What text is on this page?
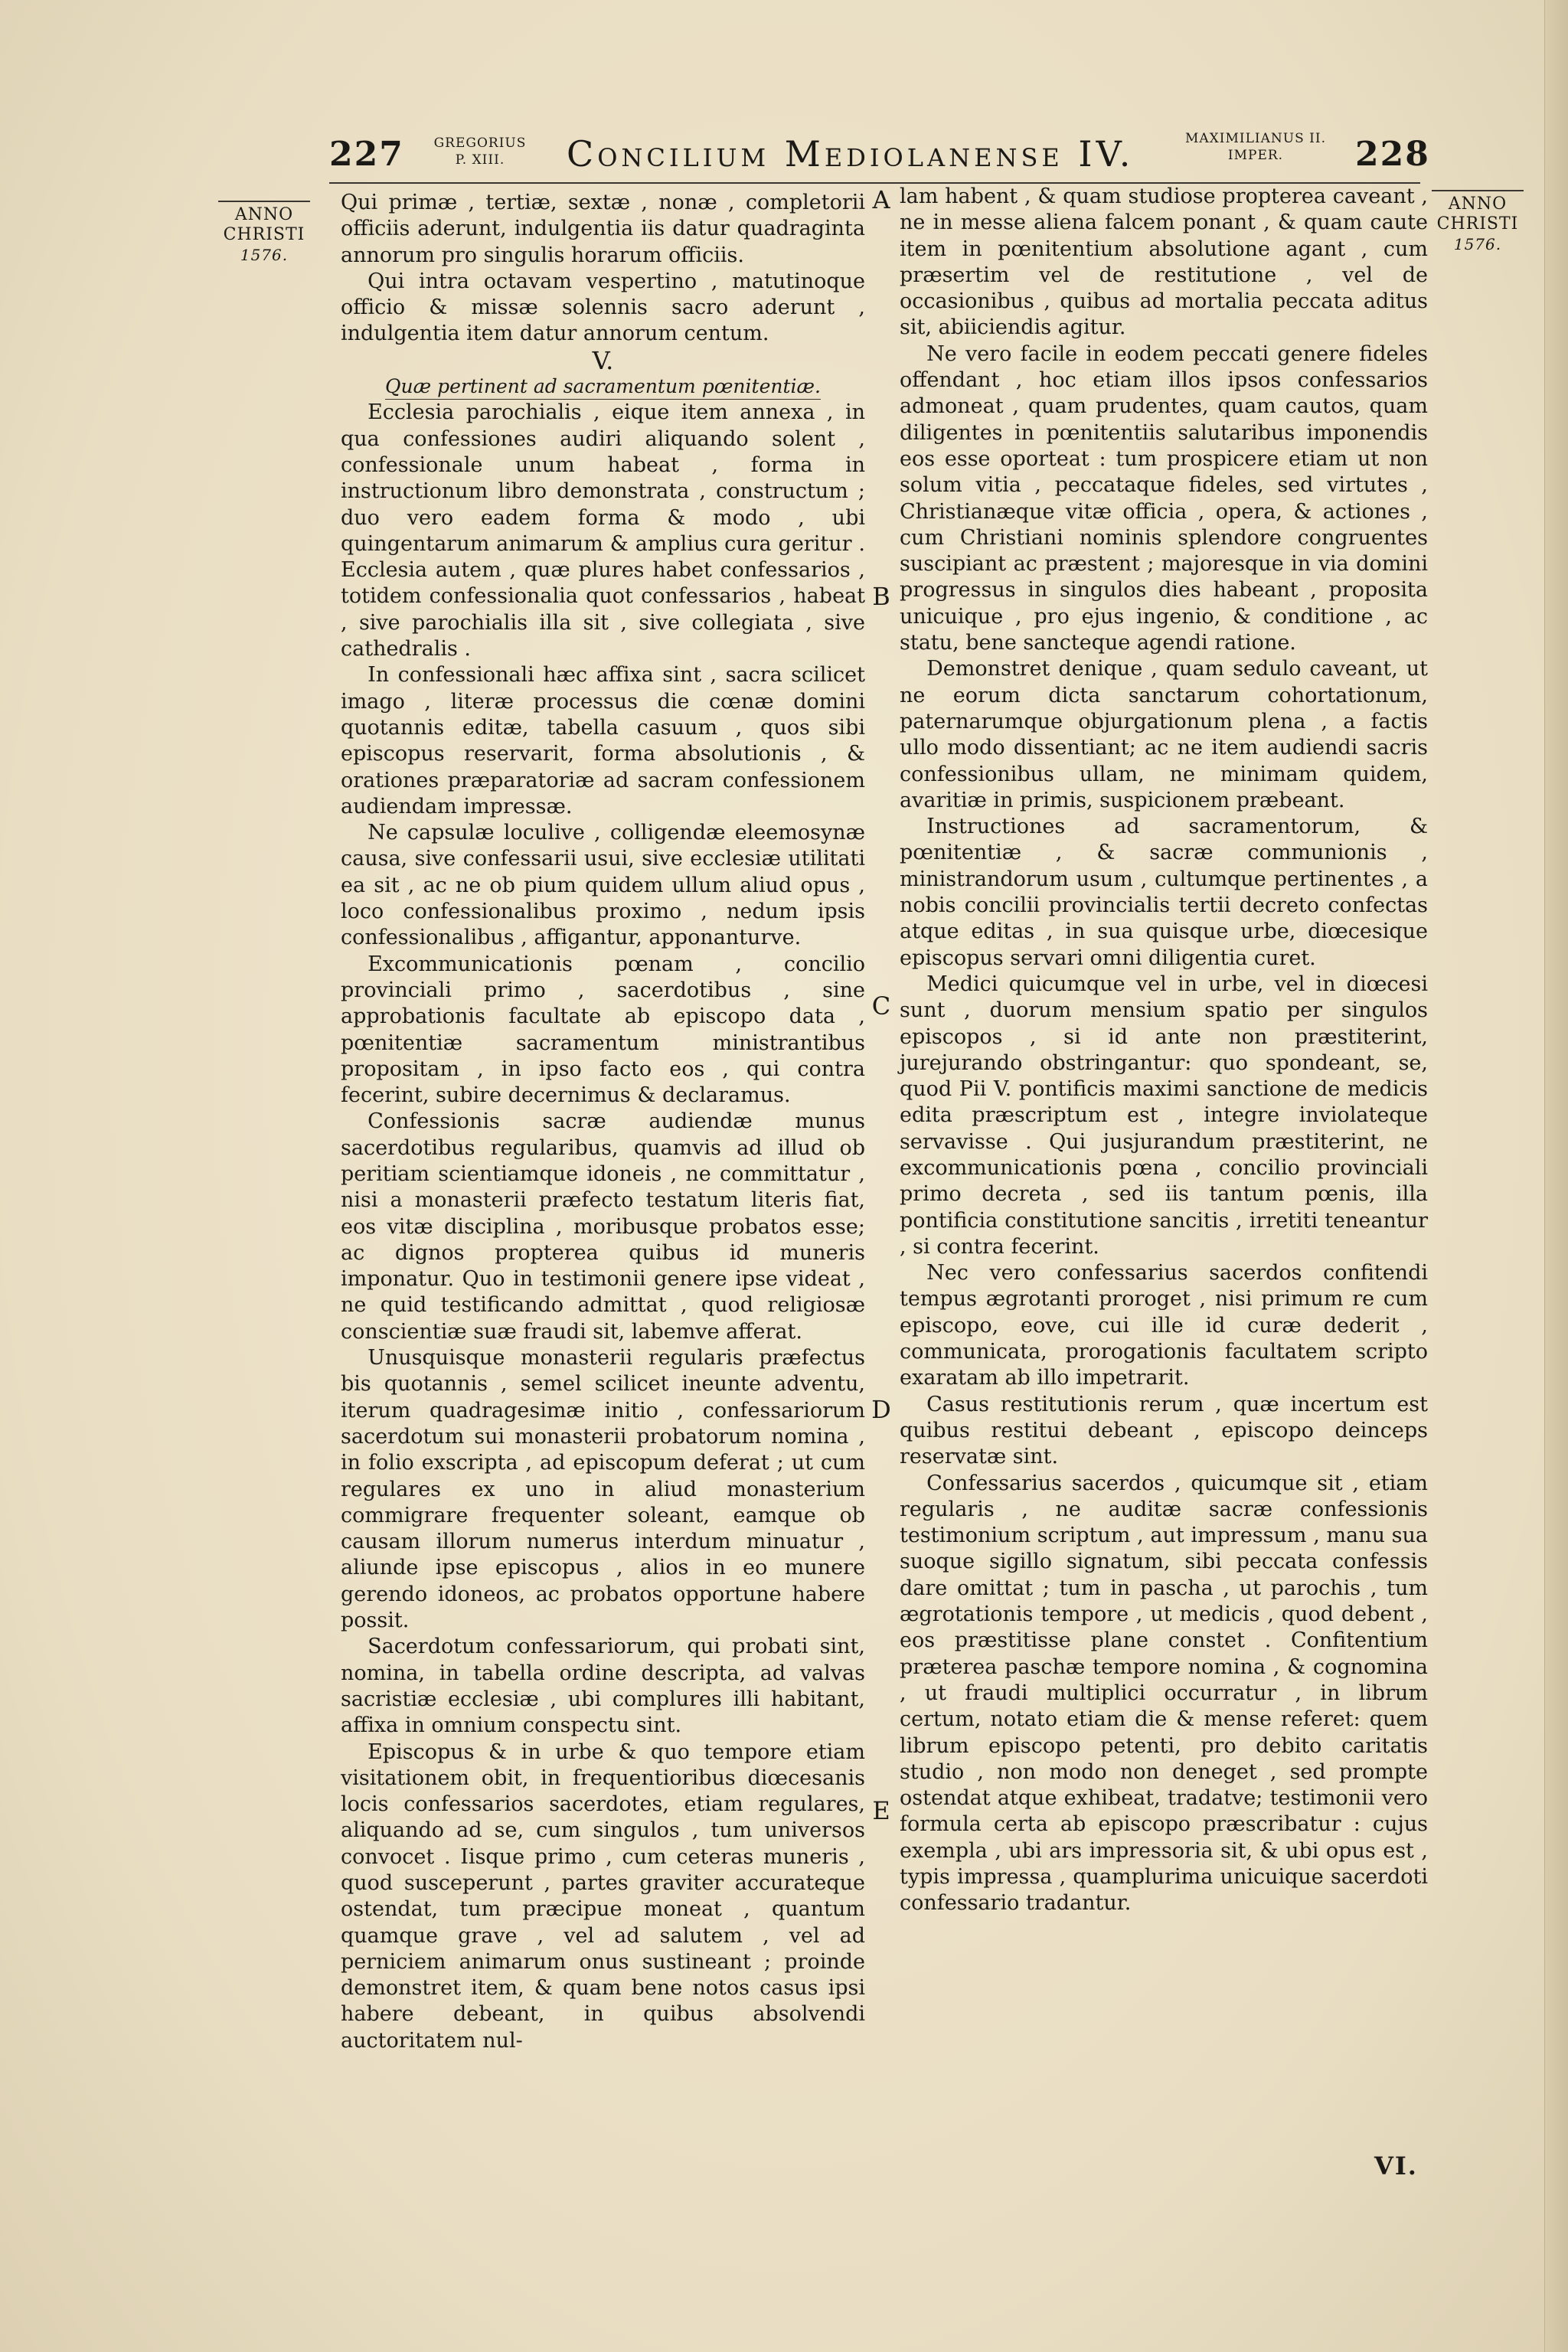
227	GREGORIUS
P. XIII.	Concilium Mediolanense IV.	MAXIMILIANUS II.
IMPER.	228
ANNO
CHRISTI
1576.
ANNO
CHRISTI
1576.

Qui primæ , tertiæ, sextæ , nonæ , completorii officiis aderunt, indulgentia iis datur quadraginta annorum pro singulis horarum officiis.

Qui intra octavam vespertino , matutinoque officio & missæ solennis sacro aderunt , indulgentia item datur annorum centum.

V.

Quæ pertinent ad sacramentum pœnitentiæ.

Ecclesia parochialis , eique item annexa , in qua confessiones audiri aliquando solent , confessionale unum habeat , forma in instructionum libro demonstrata , constructum ; duo vero eadem forma & modo , ubi quingentarum animarum & amplius cura geritur . Ecclesia autem , quæ plures habet confessarios , totidem confessionalia quot confessarios , habeat , sive parochialis illa sit , sive collegiata , sive cathedralis .

In confessionali hæc affixa sint , sacra scilicet imago , literæ processus die cœnæ domini quotannis editæ, tabella casuum , quos sibi episcopus reservarit, forma absolutionis , & orationes præparatoriæ ad sacram confessionem audiendam impressæ.

Ne capsulæ loculive , colligendæ eleemosynæ causa, sive confessarii usui, sive ecclesiæ utilitati ea sit , ac ne ob pium quidem ullum aliud opus , loco confessionalibus proximo , nedum ipsis confessionalibus , affigantur, apponanturve.

Excommunicationis pœnam , concilio provinciali primo , sacerdotibus , sine approbationis facultate ab episcopo data , pœnitentiæ sacramentum ministrantibus propositam , in ipso facto eos , qui contra fecerint, subire decernimus & declaramus.

Confessionis sacræ audiendæ munus sacerdotibus regularibus, quamvis ad illud ob peritiam scientiamque idoneis , ne committatur , nisi a monasterii præfecto testatum literis fiat, eos vitæ disciplina , moribusque probatos esse; ac dignos propterea quibus id muneris imponatur. Quo in testimonii genere ipse videat , ne quid testificando admittat , quod religiosæ conscientiæ suæ fraudi sit, labemve afferat.

Unusquisque monasterii regularis præfectus bis quotannis , semel scilicet ineunte adventu, iterum quadragesimæ initio , confessariorum sacerdotum sui monasterii probatorum nomina , in folio exscripta , ad episcopum deferat ; ut cum regulares ex uno in aliud monasterium commigrare frequenter soleant, eamque ob causam illorum numerus interdum minuatur , aliunde ipse episcopus , alios in eo munere gerendo idoneos, ac probatos opportune habere possit.

Sacerdotum confessariorum, qui probati sint, nomina, in tabella ordine descripta, ad valvas sacristiæ ecclesiæ , ubi complures illi habitant, affixa in omnium conspectu sint.

Episcopus & in urbe & quo tempore etiam visitationem obit, in frequentioribus diœcesanis locis confessarios sacerdotes, etiam regulares, aliquando ad se, cum singulos , tum universos convocet . Iisque primo , cum ceteras muneris , quod susceperunt , partes graviter accurateque ostendat, tum præcipue moneat , quantum quamque grave , vel ad salutem , vel ad perniciem animarum onus sustineant ; proinde demonstret item, & quam bene notos casus ipsi habere debeant, in quibus absolvendi auctoritatem nul-

A
B
C
D
E

lam habent , & quam studiose propterea caveant , ne in messe aliena falcem ponant , & quam caute item in pœnitentium absolutione agant , cum præsertim vel de restitutione , vel de occasionibus , quibus ad mortalia peccata aditus sit, abiiciendis agitur.

Ne vero facile in eodem peccati genere fideles offendant , hoc etiam illos ipsos confessarios admoneat , quam prudentes, quam cautos, quam diligentes in pœnitentiis salutaribus imponendis eos esse oporteat : tum prospicere etiam ut non solum vitia , peccataque fideles, sed virtutes , Christianæque vitæ officia , opera, & actiones , cum Christiani nominis splendore congruentes suscipiant ac præstent ; majoresque in via domini progressus in singulos dies habeant , proposita unicuique , pro ejus ingenio, & conditione , ac statu, bene sancteque agendi ratione.

Demonstret denique , quam sedulo caveant, ut ne eorum dicta sanctarum cohortationum, paternarumque objurgationum plena , a factis ullo modo dissentiant; ac ne item audiendi sacris confessionibus ullam, ne minimam quidem, avaritiæ in primis, suspicionem præbeant.

Instructiones ad sacramentorum, & pœnitentiæ , & sacræ communionis , ministrandorum usum , cultumque pertinentes , a nobis concilii provincialis tertii decreto confectas atque editas , in sua quisque urbe, diœcesique episcopus servari omni diligentia curet.

Medici quicumque vel in urbe, vel in diœcesi sunt , duorum mensium spatio per singulos episcopos , si id ante non præstiterint, jurejurando obstringantur: quo spondeant, se, quod Pii V. pontificis maximi sanctione de medicis edita præscriptum est , integre inviolateque servavisse . Qui jusjurandum præstiterint, ne excommunicationis pœna , concilio provinciali primo decreta , sed iis tantum pœnis, illa pontificia constitutione sancitis , irretiti teneantur , si contra fecerint.

Nec vero confessarius sacerdos confitendi tempus ægrotanti proroget , nisi primum re cum episcopo, eove, cui ille id curæ dederit , communicata, prorogationis facultatem scripto exaratam ab illo impetrarit.

Casus restitutionis rerum , quæ incertum est quibus restitui debeant , episcopo deinceps reservatæ sint.

Confessarius sacerdos , quicumque sit , etiam regularis , ne auditæ sacræ confessionis testimonium scriptum , aut impressum , manu sua suoque sigillo signatum, sibi peccata confessis dare omittat ; tum in pascha , ut parochis , tum ægrotationis tempore , ut medicis , quod debent , eos præstitisse plane constet . Confitentium præterea paschæ tempore nomina , & cognomina , ut fraudi multiplici occurratur , in librum certum, notato etiam die & mense referet: quem librum episcopo petenti, pro debito caritatis studio , non modo non deneget , sed prompte ostendat atque exhibeat, tradatve; testimonii vero formula certa ab episcopo præscribatur : cujus exempla , ubi ars impressoria sit, & ubi opus est , typis impressa , quamplurima unicuique sacerdoti confessario tradantur.

VI.
